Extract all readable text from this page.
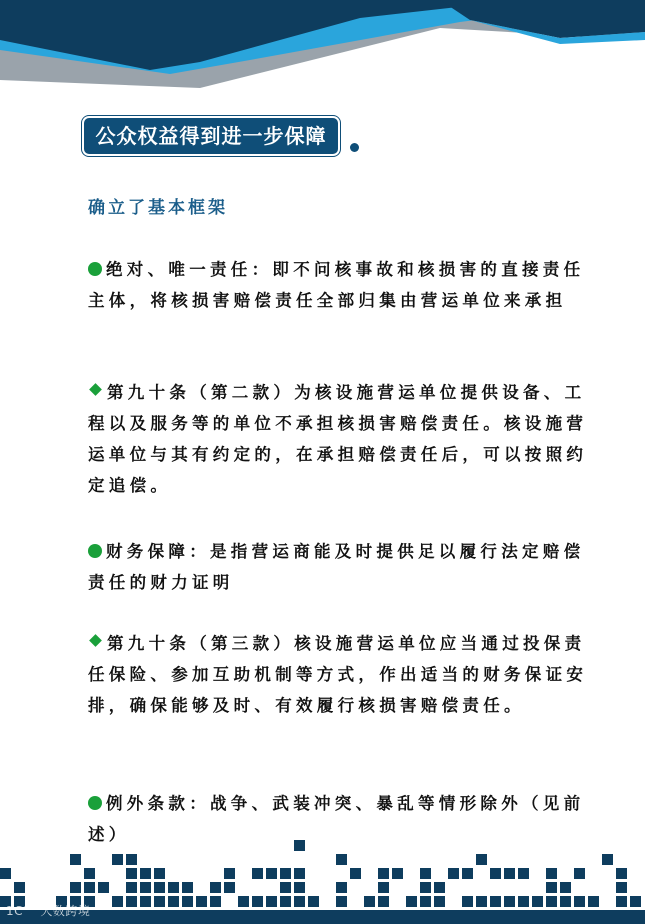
公众权益得到进一步保障
确立了基本框架

绝对、唯一责任：即不问核事故和核损害的直接责任主体，将核损害赔偿责任全部归集由营运单位来承担

第九十条（第二款）为核设施营运单位提供设备、工程以及服务等的单位不承担核损害赔偿责任。核设施营运单位与其有约定的，在承担赔偿责任后，可以按照约定追偿。

财务保障：是指营运商能及时提供足以履行法定赔偿责任的财力证明

第九十条（第三款）核设施营运单位应当通过投保责任保险、参加互助机制等方式，作出适当的财务保证安排，确保能够及时、有效履行核损害赔偿责任。

例外条款：战争、武装冲突、暴乱等情形除外（见前述）

1C°° 大数跨境
